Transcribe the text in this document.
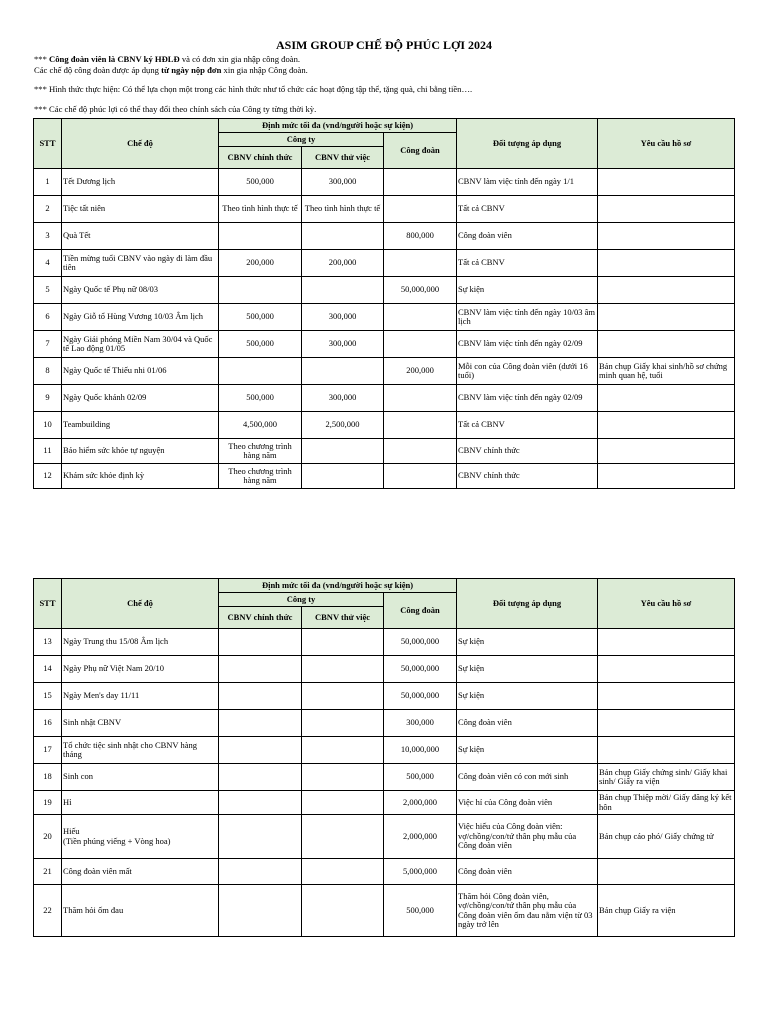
ASIM GROUP CHẾ ĐỘ PHÚC LỢI 2024
*** Công đoàn viên là CBNV ký HĐLĐ và có đơn xin gia nhập công đoàn.
Các chế độ công đoàn được áp dụng từ ngày nộp đơn xin gia nhập Công đoàn.
*** Hình thức thực hiện: Có thể lựa chọn một trong các hình thức như tổ chức các hoạt động tập thể, tặng quà, chi bằng tiền….
*** Các chế độ phúc lợi có thể thay đổi theo chính sách của Công ty từng thời kỳ.
STT	Chế độ	Định mức tối đa (vnd/người hoặc sự kiện)			Đối tượng áp dụng	Yêu cầu hồ sơ
		Công ty		Công đoàn		
		CBNV chính thức	CBNV thử việc			
1	Tết Dương lịch	500,000	300,000		CBNV làm việc tính đến ngày 1/1	
2	Tiệc tất niên	Theo tình hình thực tế	Theo tình hình thực tế		Tất cả CBNV	
3	Quà Tết			800,000	Công đoàn viên	
4	Tiền mừng tuổi CBNV vào ngày đi làm đầu tiên	200,000	200,000		Tất cả CBNV	
5	Ngày Quốc tế Phụ nữ 08/03			50,000,000	Sự kiện	
6	Ngày Giỗ tổ Hùng Vương 10/03 Âm lịch	500,000	300,000		CBNV làm việc tính đến ngày 10/03 âm lịch	
7	Ngày Giải phóng Miền Nam 30/04 và Quốc tế Lao động 01/05	500,000	300,000		CBNV làm việc tính đến ngày 02/09	
8	Ngày Quốc tế Thiếu nhi 01/06			200,000	Mỗi con của Công đoàn viên (dưới 16 tuổi)	Bản chụp Giấy khai sinh/hồ sơ chứng minh quan hệ, tuổi
9	Ngày Quốc khánh 02/09	500,000	300,000		CBNV làm việc tính đến ngày 02/09	
10	Teambuilding	4,500,000	2,500,000		Tất cả CBNV	
11	Bảo hiểm sức khỏe tự nguyện	Theo chương trình hàng năm			CBNV chính thức	
12	Khám sức khỏe định kỳ	Theo chương trình hàng năm			CBNV chính thức	
STT	Chế độ	Định mức tối đa (vnd/người hoặc sự kiện)			Đối tượng áp dụng	Yêu cầu hồ sơ
		Công ty		Công đoàn		
		CBNV chính thức	CBNV thử việc			
13	Ngày Trung thu 15/08 Âm lịch			50,000,000	Sự kiện	
14	Ngày Phụ nữ Việt Nam 20/10			50,000,000	Sự kiện	
15	Ngày Men's day 11/11			50,000,000	Sự kiện	
16	Sinh nhật CBNV			300,000	Công đoàn viên	
17	Tổ chức tiệc sinh nhật cho CBNV hàng tháng			10,000,000	Sự kiện	
18	Sinh con			500,000	Công đoàn viên có con mới sinh	Bản chụp Giấy chứng sinh/ Giấy khai sinh/ Giấy ra viện
19	Hỉ			2,000,000	Việc hỉ của Công đoàn viên	Bản chụp Thiệp mời/ Giấy đăng ký kết hôn
20	Hiếu
(Tiền phúng viếng + Vòng hoa)			2,000,000	Việc hiếu của Công đoàn viên: vợ/chồng/con/tứ thân phụ mẫu của Công đoàn viên	Bản chụp cáo phó/ Giấy chứng tử
21	Công đoàn viên mất			5,000,000	Công đoàn viên	
22	Thăm hỏi ốm đau			500,000	Thăm hỏi Công đoàn viên, vợ/chồng/con/tứ thân phụ mẫu của Công đoàn viên ốm đau nằm viện từ 03 ngày trở lên	Bản chụp Giấy ra viện
